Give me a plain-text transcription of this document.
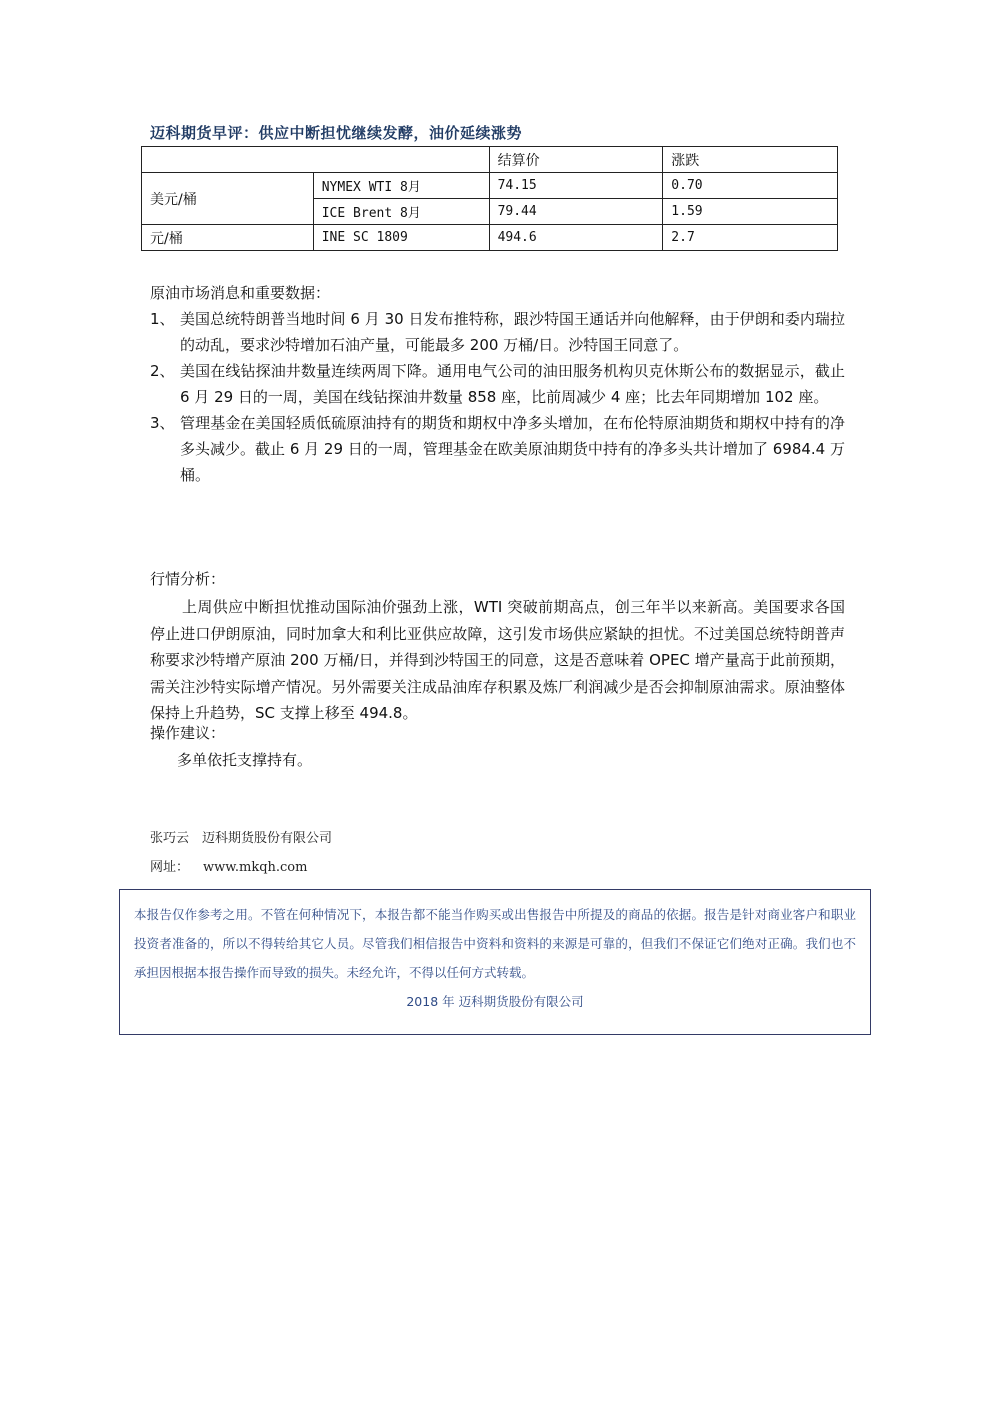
迈科期货早评：供应中断担忧继续发酵，油价延续涨势
		结算价	涨跌
美元/桶	NYMEX WTI 8月	74.15	0.70
	ICE Brent 8月	79.44	1.59
元/桶	INE SC 1809	494.6	2.7
原油市场消息和重要数据：
1、 美国总统特朗普当地时间 6 月 30 日发布推特称，跟沙特国王通话并向他解释，由于伊朗和委内瑞拉的动乱，要求沙特增加石油产量，可能最多 200 万桶/日。沙特国王同意了。
2、 美国在线钻探油井数量连续两周下降。通用电气公司的油田服务机构贝克休斯公布的数据显示，截止 6 月 29 日的一周，美国在线钻探油井数量 858 座，比前周减少 4 座；比去年同期增加 102 座。
3、 管理基金在美国轻质低硫原油持有的期货和期权中净多头增加，在布伦特原油期货和期权中持有的净多头减少。截止 6 月 29 日的一周，管理基金在欧美原油期货中持有的净多头共计增加了 6984.4 万桶。
行情分析：
上周供应中断担忧推动国际油价强劲上涨，WTI 突破前期高点，创三年半以来新高。美国要求各国停止进口伊朗原油，同时加拿大和利比亚供应故障，这引发市场供应紧缺的担忧。不过美国总统特朗普声称要求沙特增产原油 200 万桶/日，并得到沙特国王的同意，这是否意味着 OPEC 增产量高于此前预期，需关注沙特实际增产情况。另外需要关注成品油库存积累及炼厂利润减少是否会抑制原油需求。原油整体保持上升趋势，SC 支撑上移至 494.8。
操作建议：
多单依托支撑持有。
张巧云　迈科期货股份有限公司
网址： www.mkqh.com
本报告仅作参考之用。不管在何种情况下，本报告都不能当作购买或出售报告中所提及的商品的依据。报告是针对商业客户和职业投资者准备的，所以不得转给其它人员。尽管我们相信报告中资料和资料的来源是可靠的，但我们不保证它们绝对正确。我们也不承担因根据本报告操作而导致的损失。未经允许，不得以任何方式转载。
2018 年 迈科期货股份有限公司
